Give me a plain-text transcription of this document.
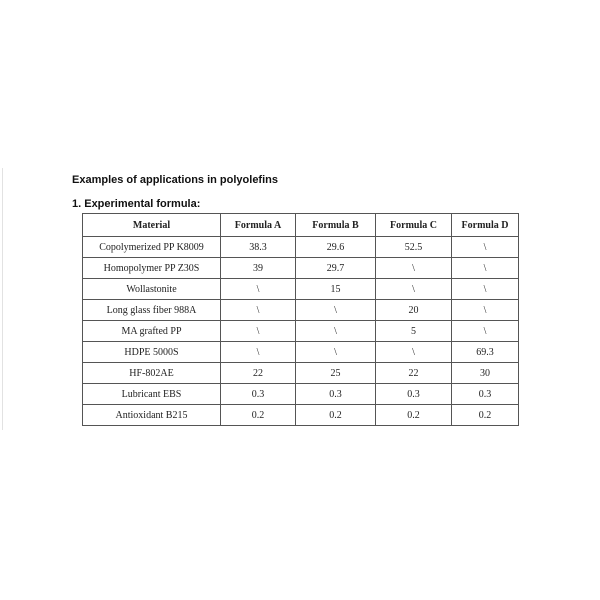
Examples of applications in polyolefins
1. Experimental formula:
Material	Formula A	Formula B	Formula C	Formula D
Copolymerized PP K8009	38.3	29.6	52.5	\
Homopolymer PP Z30S	39	29.7	\	\
Wollastonite	\	15	\	\
Long glass fiber 988A	\	\	20	\
MA grafted PP	\	\	5	\
HDPE 5000S	\	\	\	69.3
HF-802AE	22	25	22	30
Lubricant EBS	0.3	0.3	0.3	0.3
Antioxidant B215	0.2	0.2	0.2	0.2
